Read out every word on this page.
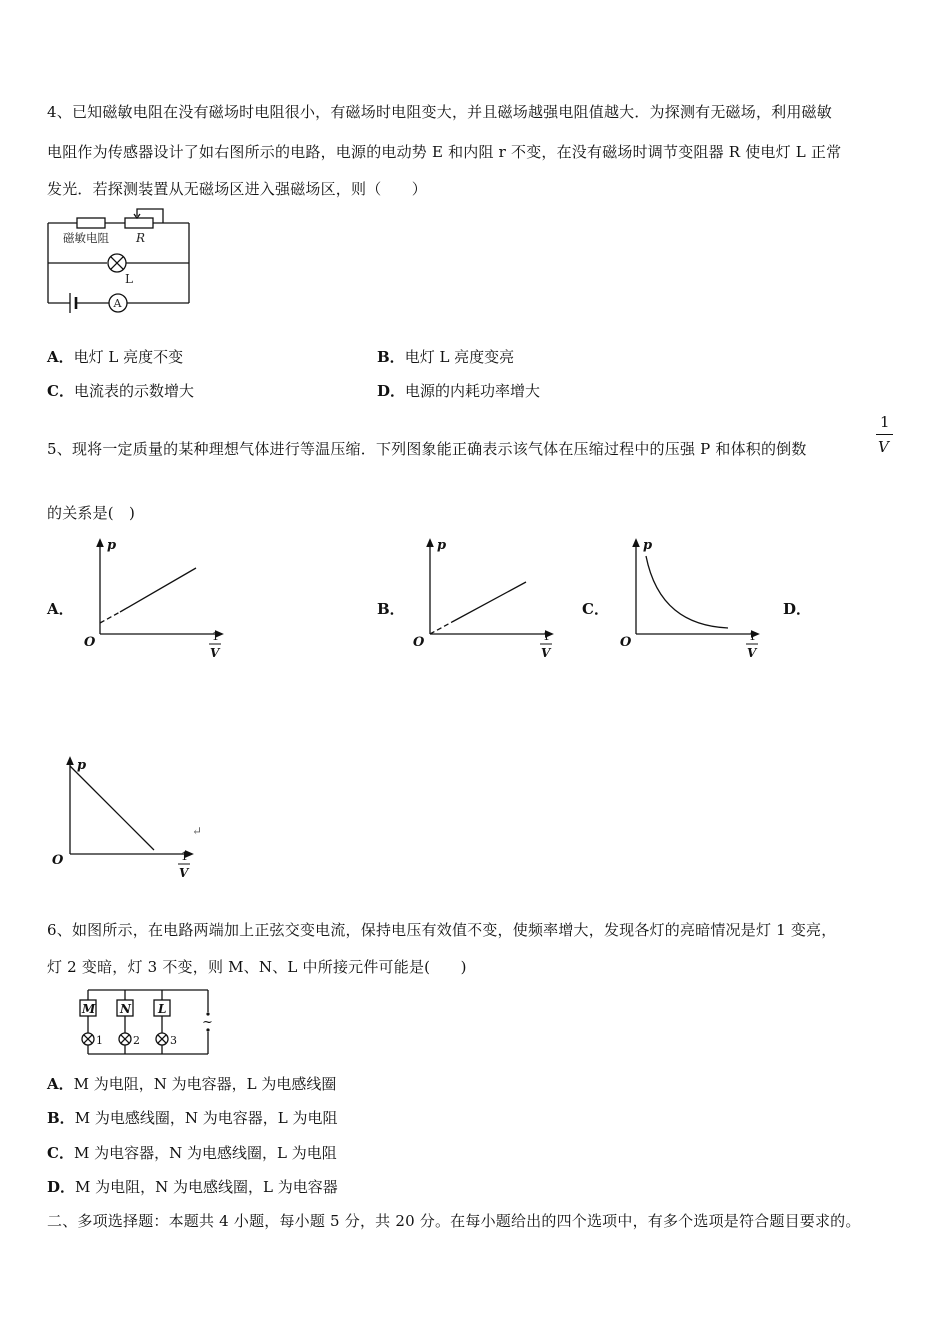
4、已知磁敏电阻在没有磁场时电阻很小，有磁场时电阻变大，并且磁场越强电阻值越大．为探测有无磁场，利用磁敏
电阻作为传感器设计了如右图所示的电路，电源的电动势 E 和内阻 r 不变，在没有磁场时调节变阻器 R 使电灯 L 正常
发光．若探测装置从无磁场区进入强磁场区，则（　　）
磁敏电阻 R
L
A
A．电灯 L 亮度不变	B．电灯 L 亮度变亮
C．电流表的示数增大	D．电源的内耗功率增大
5、现将一定质量的某种理想气体进行等温压缩．下列图象能正确表示该气体在压缩过程中的压强 P 和体积的倒数
1
V
的关系是(　)
A．	B．	C．	D．
p
O	1
V
p
O	1
V
p
O	1
V
p
O	1
V
↵
6、如图所示，在电路两端加上正弦交变电流，保持电压有效值不变，使频率增大，发现各灯的亮暗情况是灯 1 变亮，
灯 2 变暗，灯 3 不变，则 M、N、L 中所接元件可能是(　　)
M N L
1	2	3
~
A．M 为电阻，N 为电容器，L 为电感线圈
B．M 为电感线圈，N 为电容器，L 为电阻
C．M 为电容器，N 为电感线圈，L 为电阻
D．M 为电阻，N 为电感线圈，L 为电容器
二、多项选择题：本题共 4 小题，每小题 5 分，共 20 分。在每小题给出的四个选项中，有多个选项是符合题目要求的。
